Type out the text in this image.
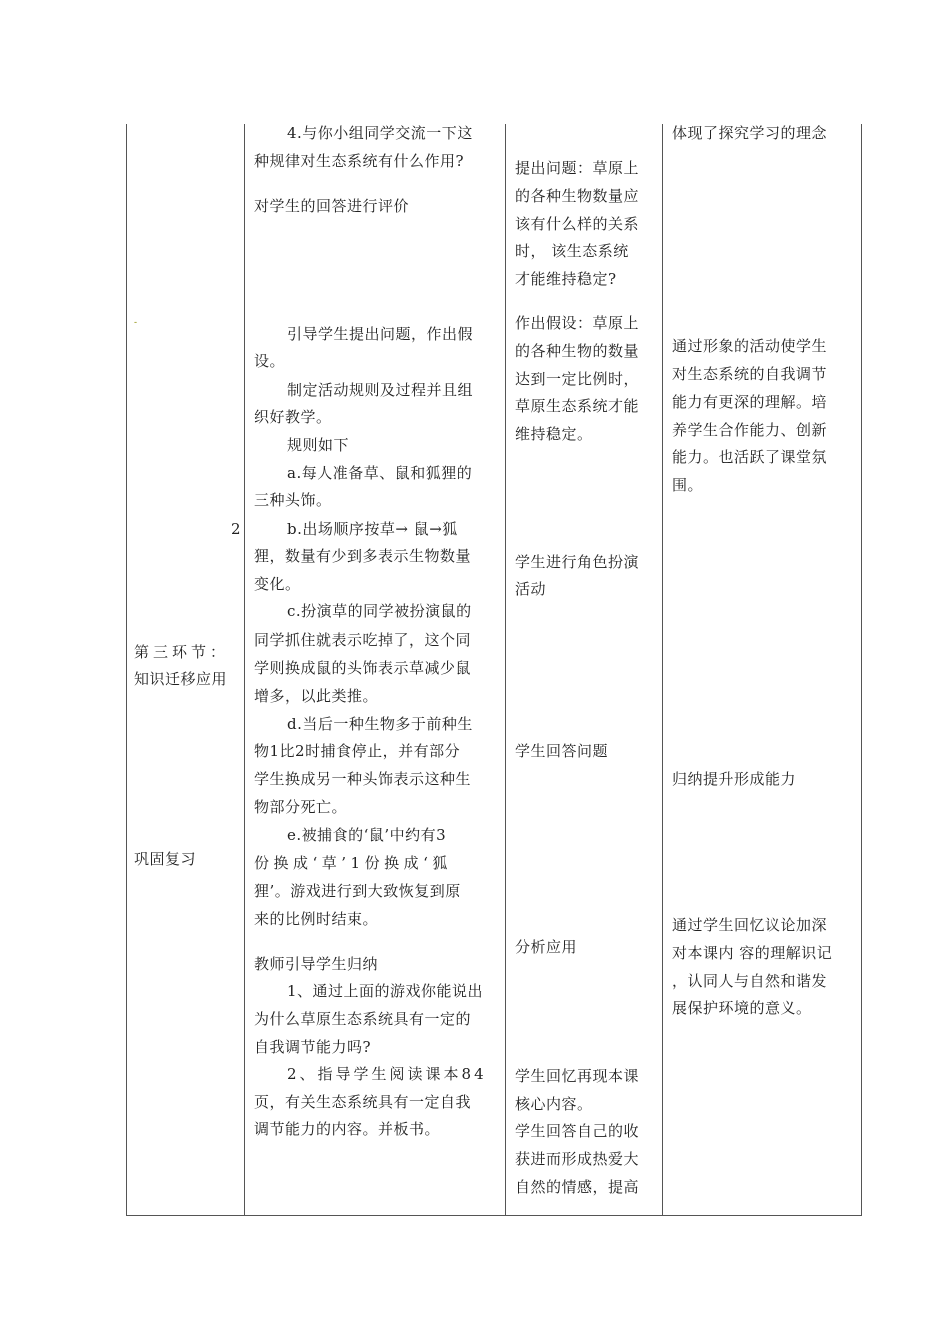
-
2
第三环节：
知识迁移应用
巩固复习
4.与你小组同学交流一下这
种规律对生态系统有什么作用?
对学生的回答进行评价
引导学生提出问题，作出假
设。
制定活动规则及过程并且组
织好教学。
规则如下
a.每人准备草、鼠和狐狸的
三种头饰。
b.出场顺序按草→ 鼠→狐
狸，数量有少到多表示生物数量
变化。
c.扮演草的同学被扮演鼠的
同学抓住就表示吃掉了，这个同
学则换成鼠的头饰表示草减少鼠
增多，以此类推。
d.当后一种生物多于前种生
物1比2时捕食停止，并有部分
学生换成另一种头饰表示这种生
物部分死亡。
e.被捕食的‘鼠’中约有3
份换成‘草’1份换成‘狐
狸’。游戏进行到大致恢复到原
来的比例时结束。
教师引导学生归纳
1、通过上面的游戏你能说出
为什么草原生态系统具有一定的
自我调节能力吗?
2、指导学生阅读课本84
页，有关生态系统具有一定自我
调节能力的内容。并板书。
提出问题：草原上
的各种生物数量应
该有什么样的关系
时， 该生态系统
才能维持稳定?
作出假设：草原上
的各种生物的数量
达到一定比例时，
草原生态系统才能
维持稳定。
学生进行角色扮演
活动
学生回答问题
分析应用
学生回忆再现本课
核心内容。
学生回答自己的收
获进而形成热爱大
自然的情感，提高
体现了探究学习的理念
通过形象的活动使学生
对生态系统的自我调节
能力有更深的理解。培
养学生合作能力、创新
能力。也活跃了课堂氛
围。
归纳提升形成能力
通过学生回忆议论加深
对本课内 容的理解识记
，认同人与自然和谐发
展保护环境的意义。
